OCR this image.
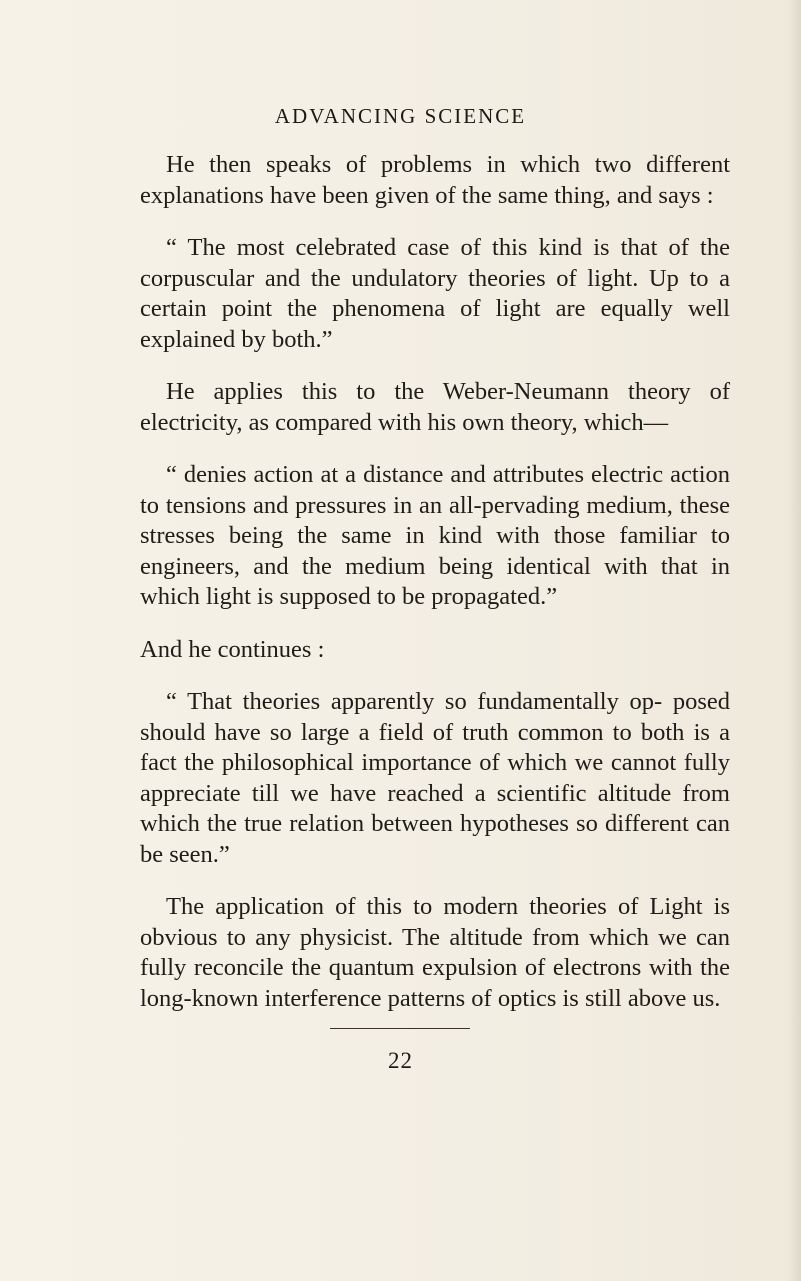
ADVANCING SCIENCE

He then speaks of problems in which two different explanations have been given of the same thing, and says :

“ The most celebrated case of this kind is that of the corpuscular and the undulatory theories of light. Up to a certain point the phenomena of light are equally well explained by both.”

He applies this to the Weber-Neumann theory of electricity, as compared with his own theory, which—

“ denies action at a distance and attributes electric action to tensions and pressures in an all-pervading medium, these stresses being the same in kind with those familiar to engineers, and the medium being identical with that in which light is supposed to be propagated.”

And he continues :

“ That theories apparently so fundamentally op- posed should have so large a field of truth common to both is a fact the philosophical importance of which we cannot fully appreciate till we have reached a scientific altitude from which the true relation between hypotheses so different can be seen.”

The application of this to modern theories of Light is obvious to any physicist. The altitude from which we can fully reconcile the quantum expulsion of electrons with the long-known interference patterns of optics is still above us.

22
